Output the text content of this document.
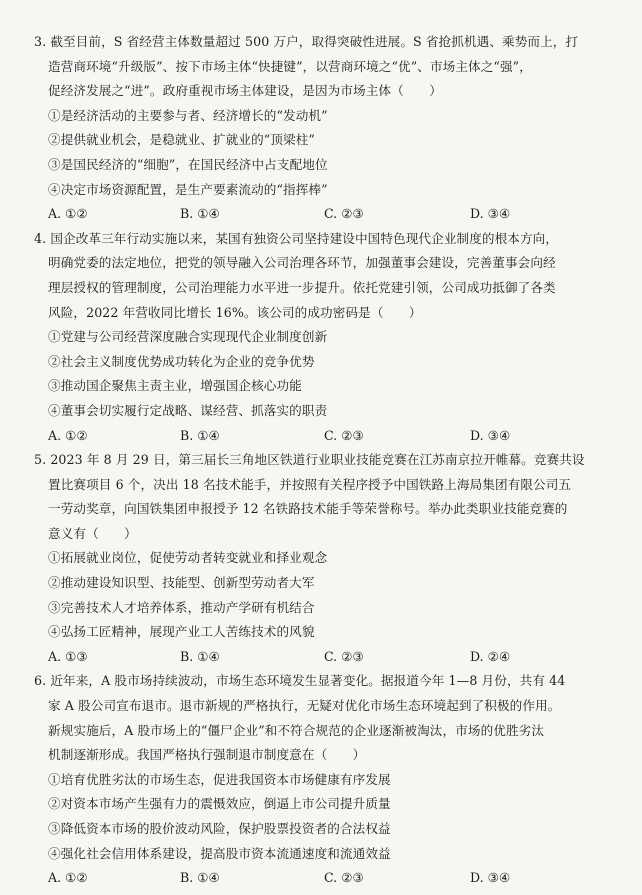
3. 截至目前，S 省经营主体数量超过 500 万户，取得突破性进展。S 省抢抓机遇、乘势而上，打
造营商环境“升级版”、按下市场主体“快捷键”，以营商环境之“优”、市场主体之“强”，
促经济发展之“进”。政府重视市场主体建设，是因为市场主体（　　）
①是经济活动的主要参与者、经济增长的“发动机”
②提供就业机会，是稳就业、扩就业的“顶梁柱”
③是国民经济的“细胞”，在国民经济中占支配地位
④决定市场资源配置，是生产要素流动的“指挥棒”
A. ①②	B. ①④	C. ②③	D. ③④
4. 国企改革三年行动实施以来，某国有独资公司坚持建设中国特色现代企业制度的根本方向，
明确党委的法定地位，把党的领导融入公司治理各环节，加强董事会建设，完善董事会向经
理层授权的管理制度，公司治理能力水平进一步提升。依托党建引领，公司成功抵御了各类
风险，2022 年营收同比增长 16%。该公司的成功密码是（　　）
①党建与公司经营深度融合实现现代企业制度创新
②社会主义制度优势成功转化为企业的竞争优势
③推动国企聚焦主责主业，增强国企核心功能
④董事会切实履行定战略、谋经营、抓落实的职责
A. ①②	B. ①④	C. ②③	D. ③④
5. 2023 年 8 月 29 日，第三届长三角地区铁道行业职业技能竞赛在江苏南京拉开帷幕。竞赛共设
置比赛项目 6 个，决出 18 名技术能手，并按照有关程序授予中国铁路上海局集团有限公司五
一劳动奖章，向国铁集团申报授予 12 名铁路技术能手等荣誉称号。举办此类职业技能竞赛的
意义有（　　）
①拓展就业岗位，促使劳动者转变就业和择业观念
②推动建设知识型、技能型、创新型劳动者大军
③完善技术人才培养体系，推动产学研有机结合
④弘扬工匠精神，展现产业工人苦练技术的风貌
A. ①③	B. ①④	C. ②③	D. ②④
6. 近年来，A 股市场持续波动，市场生态环境发生显著变化。据报道今年 1—8 月份，共有 44
家 A 股公司宣布退市。退市新规的严格执行，无疑对优化市场生态环境起到了积极的作用。
新规实施后，A 股市场上的“僵尸企业”和不符合规范的企业逐渐被淘汰，市场的优胜劣汰
机制逐渐形成。我国严格执行强制退市制度意在（　　）
①培育优胜劣汰的市场生态，促进我国资本市场健康有序发展
②对资本市场产生强有力的震慑效应，倒逼上市公司提升质量
③降低资本市场的股价波动风险，保护股票投资者的合法权益
④强化社会信用体系建设，提高股市资本流通速度和流通效益
A. ①②	B. ①④	C. ②③	D. ③④
